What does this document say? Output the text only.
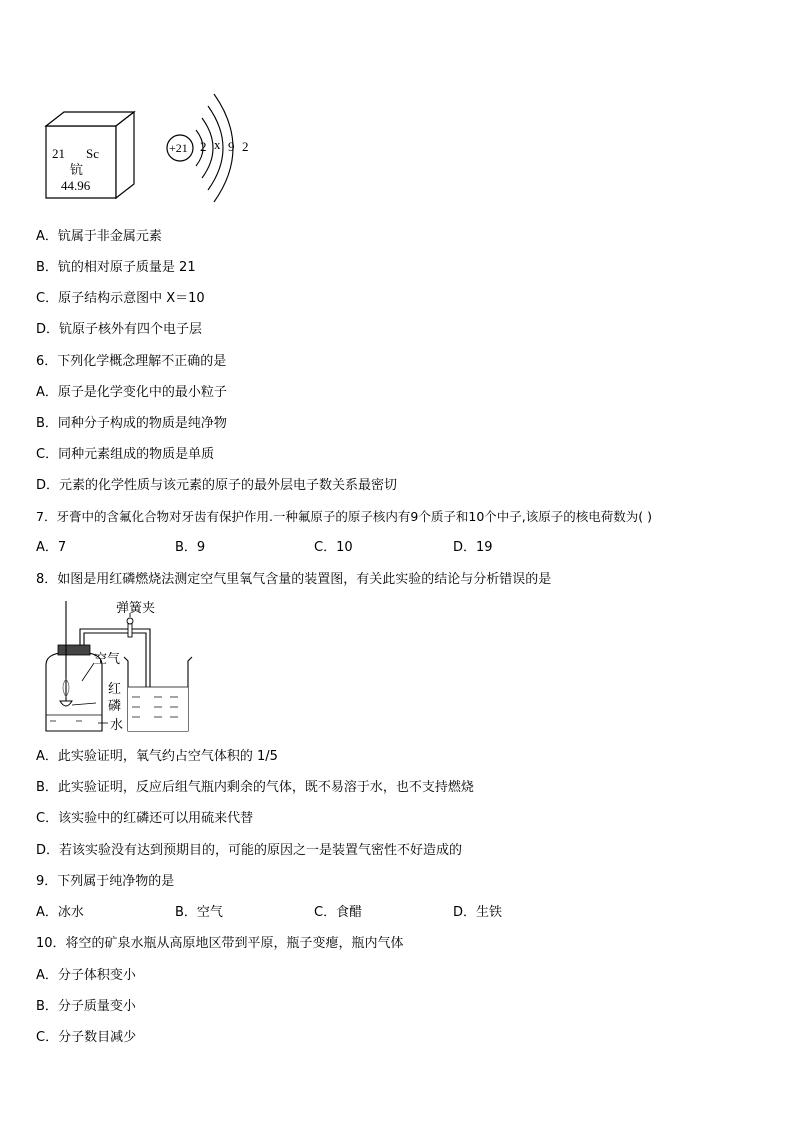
21 Sc
钪
44.96
+21 2 x 9 2
A．钪属于非金属元素
B．钪的相对原子质量是 21
C．原子结构示意图中 X＝10
D．钪原子核外有四个电子层
6．下列化学概念理解不正确的是
A．原子是化学变化中的最小粒子
B．同种分子构成的物质是纯净物
C．同种元素组成的物质是单质
D．元素的化学性质与该元素的原子的最外层电子数关系最密切
7．牙膏中的含氟化合物对牙齿有保护作用.一种氟原子的原子核内有9个质子和10个中子,该原子的核电荷数为( )
A．7	B．9	C．10	D．19
8．如图是用红磷燃烧法测定空气里氧气含量的装置图，有关此实验的结论与分析错误的是
弹簧夹
空气
红
磷
水
A．此实验证明，氧气约占空气体积的 1/5
B．此实验证明，反应后组气瓶内剩余的气体，既不易溶于水，也不支持燃烧
C．该实验中的红磷还可以用硫来代替
D．若该实验没有达到预期目的，可能的原因之一是装置气密性不好造成的
9．下列属于纯净物的是
A．冰水	B．空气	C．食醋	D．生铁
10．将空的矿泉水瓶从高原地区带到平原，瓶子变瘪，瓶内气体
A．分子体积变小
B．分子质量变小
C．分子数目减少
